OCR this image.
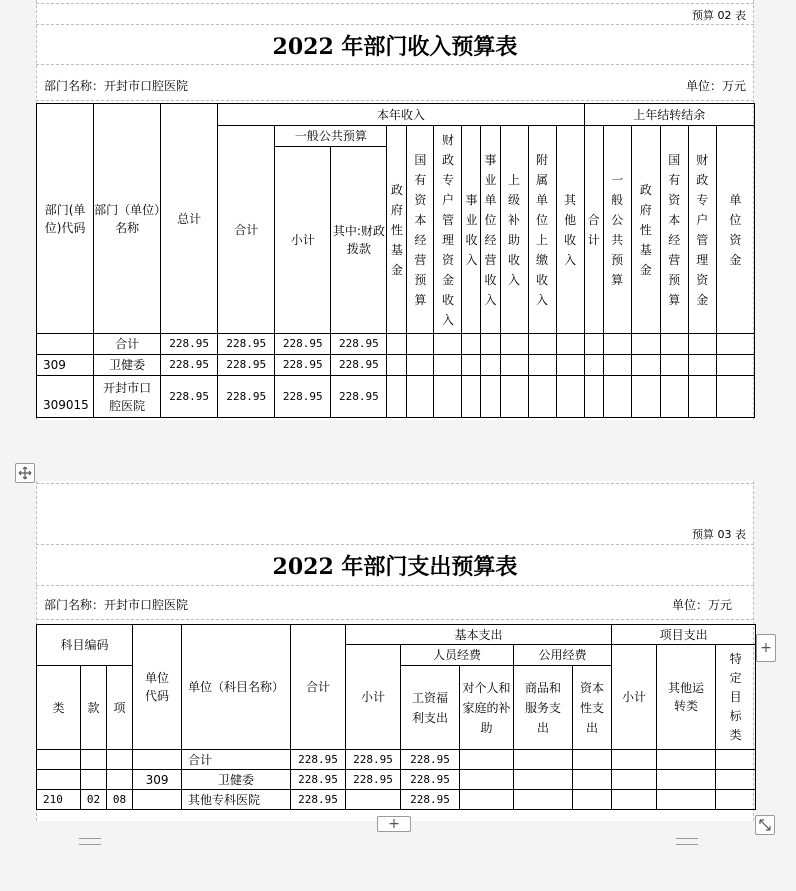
预算 02 表
2022 年部门收入预算表
部门名称：开封市口腔医院	单位：万元
部门(单位)代码	部门（单位）名称	总计	本年收入											上年结转结余					
			合计	一般公共预算		政府性基金	国有资本经营预算	财政专户管理资金收入	事业收入	事业单位经营收入	上级补助收入	附属单位上缴收入	其他收入	合计	一般公共预算	政府性基金	国有资本经营预算	财政专户管理资金	单位资金
				小计	其中:财政拨款														
	合计	228.95	228.95	228.95	228.95														
309	卫健委	228.95	228.95	228.95	228.95														
309015	开封市口腔医院	228.95	228.95	228.95	228.95														
预算 03 表
2022 年部门支出预算表
部门名称：开封市口腔医院	单位：万元
科目编码			单位代码	单位（科目名称）	合计	基本支出					项目支出		
						小计	人员经费		公用经费		小计	其他运转类	特定目标类
类	款	项					工资福利支出	对个人和家庭的补助	商品和服务支出	资本性支出			
				合计	228.95	228.95	228.95						
			309	卫健委	228.95	228.95	228.95						
210	02	08		其他专科医院	228.95		228.95						
+
+
